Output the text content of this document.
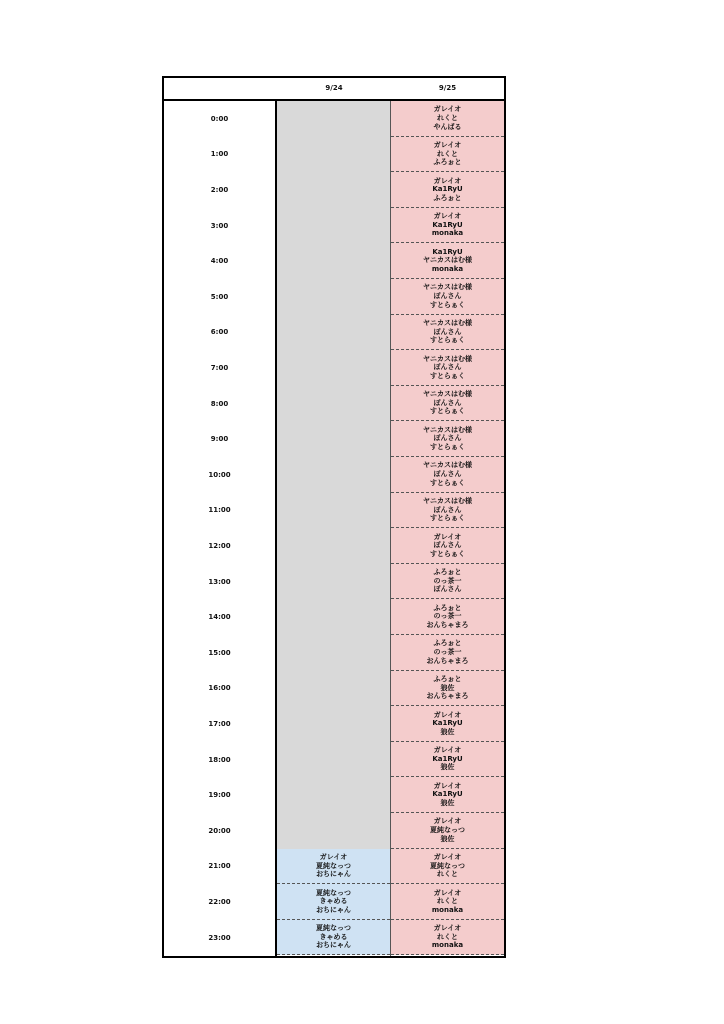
9/24	9/25
0:00
1:00
2:00
3:00
4:00
5:00
6:00
7:00
8:00
9:00
10:00
11:00
12:00
13:00
14:00
15:00
16:00
17:00
18:00
19:00
20:00
21:00
22:00
23:00
ガレイオ
夏純なっつ
おちにゃん
夏純なっつ
きゃめる
おちにゃん
夏純なっつ
きゃめる
おちにゃん
ガレイオ
れくと
やんばる
ガレイオ
れくと
ふろぉと
ガレイオ
Ka1RyU
ふろぉと
ガレイオ
Ka1RyU
monaka
Ka1RyU
ヤニカスはむ様
monaka
ヤニカスはむ様
ぽんさん
すとらぁく
ヤニカスはむ様
ぽんさん
すとらぁく
ヤニカスはむ様
ぽんさん
すとらぁく
ヤニカスはむ様
ぽんさん
すとらぁく
ヤニカスはむ様
ぽんさん
すとらぁく
ヤニカスはむ様
ぽんさん
すとらぁく
ヤニカスはむ様
ぽんさん
すとらぁく
ガレイオ
ぽんさん
すとらぁく
ふろぉと
のっ茶一
ぽんさん
ふろぉと
のっ茶一
おんちゃまろ
ふろぉと
のっ茶一
おんちゃまろ
ふろぉと
狼佐
おんちゃまろ
ガレイオ
Ka1RyU
狼佐
ガレイオ
Ka1RyU
狼佐
ガレイオ
Ka1RyU
狼佐
ガレイオ
夏純なっつ
狼佐
ガレイオ
夏純なっつ
れくと
ガレイオ
れくと
monaka
ガレイオ
れくと
monaka
